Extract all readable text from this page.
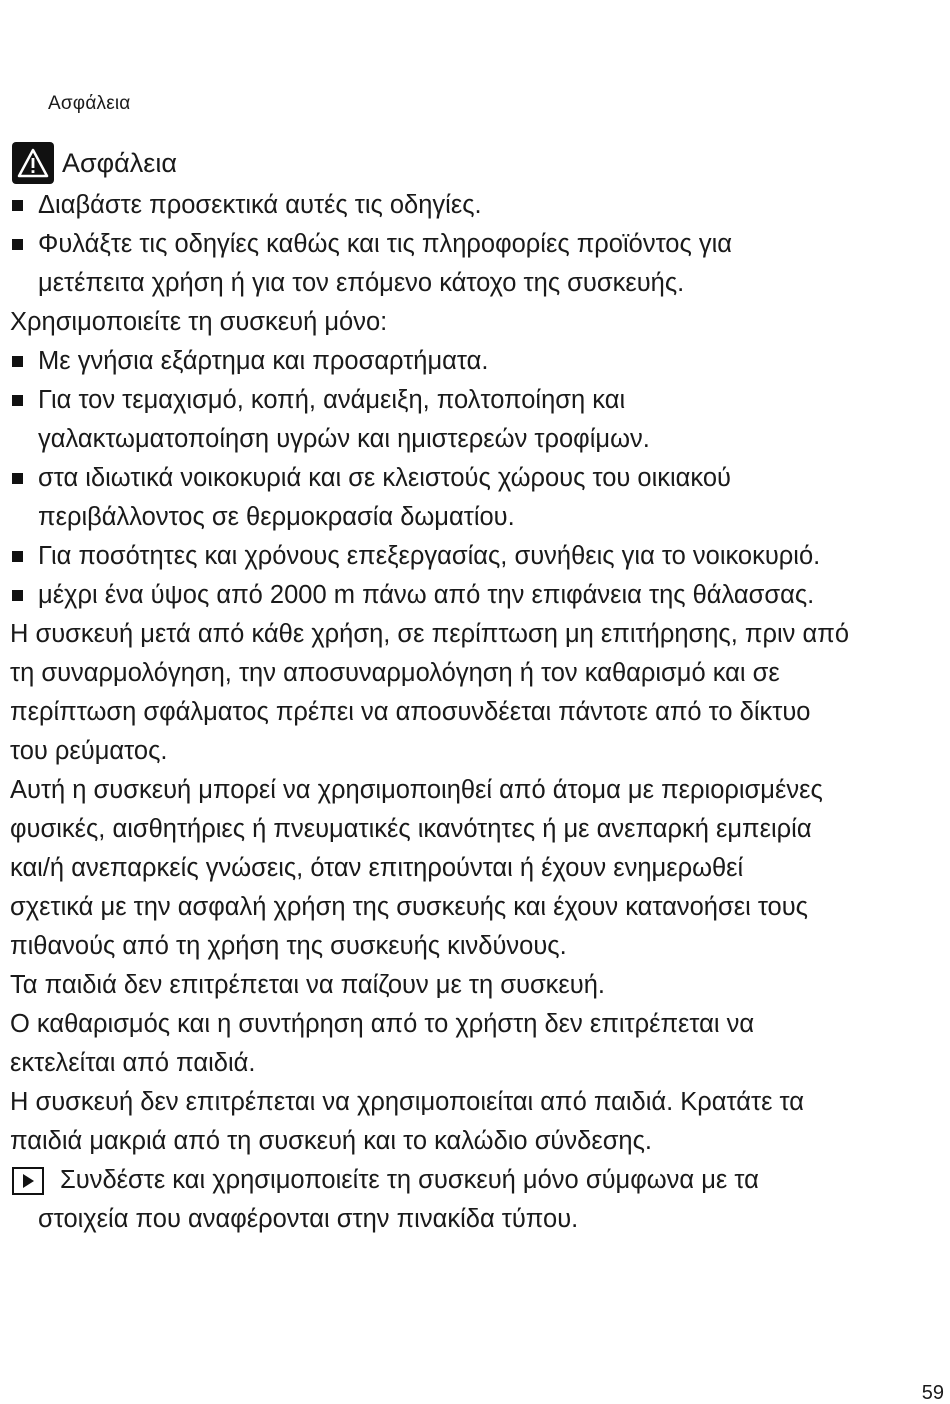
Ασφάλεια
Ασφάλεια
Διαβάστε προσεκτικά αυτές τις οδηγίες.
Φυλάξτε τις οδηγίες καθώς και τις πληροφορίες προϊόντος για
μετέπειτα χρήση ή για τον επόμενο κάτοχο της συσκευής.
Χρησιμοποιείτε τη συσκευή μόνο:
Με γνήσια εξάρτημα και προσαρτήματα.
Για τον τεμαχισμό, κοπή, ανάμειξη, πολτοποίηση και
γαλακτωματοποίηση υγρών και ημιστερεών τροφίμων.
στα ιδιωτικά νοικοκυριά και σε κλειστούς χώρους του οικιακού
περιβάλλοντος σε θερμοκρασία δωματίου.
Για ποσότητες και χρόνους επεξεργασίας, συνήθεις για το νοικοκυριό.
μέχρι ένα ύψος από 2000 m πάνω από την επιφάνεια της θάλασσας.
Η συσκευή μετά από κάθε χρήση, σε περίπτωση μη επιτήρησης, πριν από
τη συναρμολόγηση, την αποσυναρμολόγηση ή τον καθαρισμό και σε
περίπτωση σφάλματος πρέπει να αποσυνδέεται πάντοτε από το δίκτυο
του ρεύματος.
Αυτή η συσκευή μπορεί να χρησιμοποιηθεί από άτομα με περιορισμένες
φυσικές, αισθητήριες ή πνευματικές ικανότητες ή με ανεπαρκή εμπειρία
και/ή ανεπαρκείς γνώσεις, όταν επιτηρούνται ή έχουν ενημερωθεί
σχετικά με την ασφαλή χρήση της συσκευής και έχουν κατανοήσει τους
πιθανούς από τη χρήση της συσκευής κινδύνους.
Τα παιδιά δεν επιτρέπεται να παίζουν με τη συσκευή.
Ο καθαρισμός και η συντήρηση από το χρήστη δεν επιτρέπεται να
εκτελείται από παιδιά.
Η συσκευή δεν επιτρέπεται να χρησιμοποιείται από παιδιά. Κρατάτε τα
παιδιά μακριά από τη συσκευή και το καλώδιο σύνδεσης.
Συνδέστε και χρησιμοποιείτε τη συσκευή μόνο σύμφωνα με τα
στοιχεία που αναφέρονται στην πινακίδα τύπου.
59
